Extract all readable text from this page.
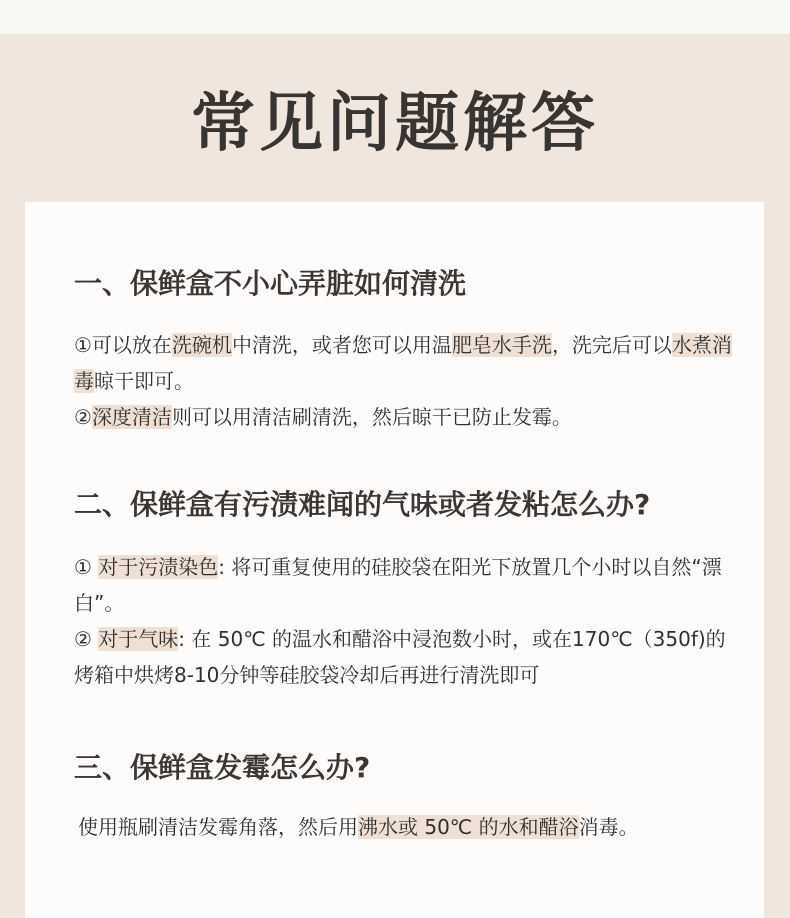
常见问题解答
一、保鲜盒不小心弄脏如何清洗

①可以放在洗碗机中清洗，或者您可以用温肥皂水手洗，洗完后可以水煮消毒晾干即可。

②深度清洁则可以用清洁刷清洗，然后晾干已防止发霉。

二、保鲜盒有污渍难闻的气味或者发粘怎么办?

① 对于污渍染色: 将可重复使用的硅胶袋在阳光下放置几个小时以自然“漂白”。

② 对于气味: 在 50℃ 的温水和醋浴中浸泡数小时，或在170℃（350f)的烤箱中烘烤8-10分钟等硅胶袋冷却后再进行清洗即可

三、保鲜盒发霉怎么办?

使用瓶刷清洁发霉角落，然后用沸水或 50℃ 的水和醋浴消毒。
